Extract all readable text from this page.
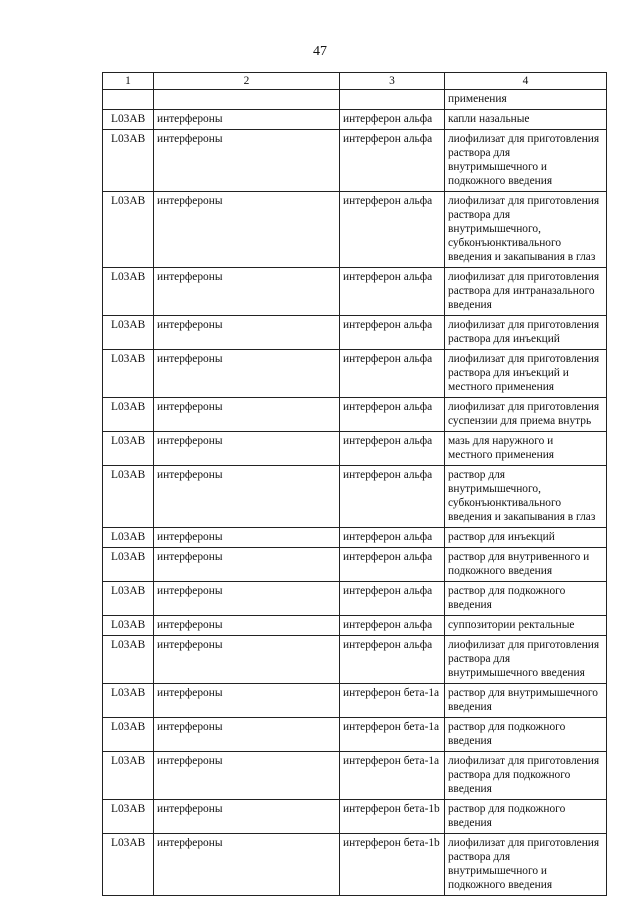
47
1	2	3	4
			применения
L03AB	интерфероны	интерферон альфа	капли назальные
L03AB	интерфероны	интерферон альфа	лиофилизат для приготовления
раствора для
внутримышечного и
подкожного введения
L03AB	интерфероны	интерферон альфа	лиофилизат для приготовления
раствора для
внутримышечного,
субконъюнктивального
введения и закапывания в глаз
L03AB	интерфероны	интерферон альфа	лиофилизат для приготовления
раствора для интраназального
введения
L03AB	интерфероны	интерферон альфа	лиофилизат для приготовления
раствора для инъекций
L03AB	интерфероны	интерферон альфа	лиофилизат для приготовления
раствора для инъекций и
местного применения
L03AB	интерфероны	интерферон альфа	лиофилизат для приготовления
суспензии для приема внутрь
L03AB	интерфероны	интерферон альфа	мазь для наружного и
местного применения
L03AB	интерфероны	интерферон альфа	раствор для
внутримышечного,
субконъюнктивального
введения и закапывания в глаз
L03AB	интерфероны	интерферон альфа	раствор для инъекций
L03AB	интерфероны	интерферон альфа	раствор для внутривенного и
подкожного введения
L03AB	интерфероны	интерферон альфа	раствор для подкожного
введения
L03AB	интерфероны	интерферон альфа	суппозитории ректальные
L03AB	интерфероны	интерферон альфа	лиофилизат для приготовления
раствора для
внутримышечного введения
L03AB	интерфероны	интерферон бета-1а	раствор для внутримышечного
введения
L03AB	интерфероны	интерферон бета-1а	раствор для подкожного
введения
L03AB	интерфероны	интерферон бета-1а	лиофилизат для приготовления
раствора для подкожного
введения
L03AB	интерфероны	интерферон бета-1b	раствор для подкожного
введения
L03AB	интерфероны	интерферон бета-1b	лиофилизат для приготовления
раствора для
внутримышечного и
подкожного введения
